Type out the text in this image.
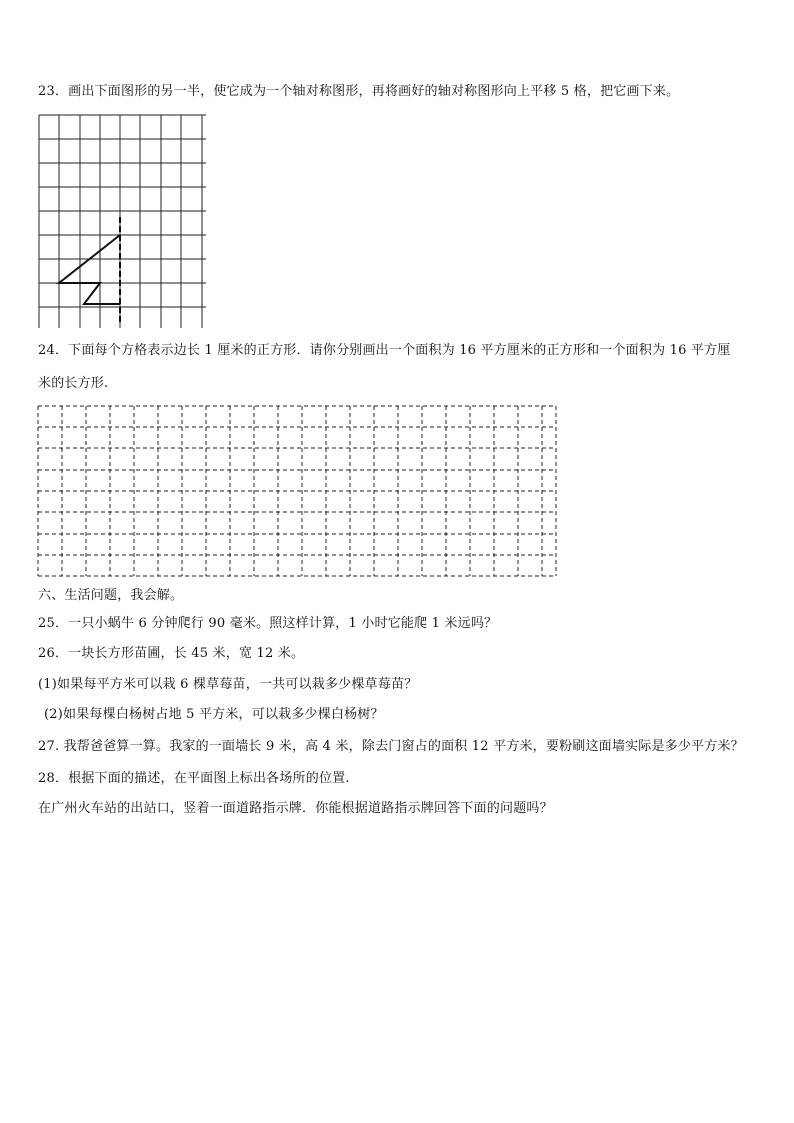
23．画出下面图形的另一半，使它成为一个轴对称图形，再将画好的轴对称图形向上平移 5 格，把它画下来。
24．下面每个方格表示边长 1 厘米的正方形．请你分别画出一个面积为 16 平方厘米的正方形和一个面积为 16 平方厘
米的长方形.
六、生活问题，我会解。
25．一只小蜗牛 6 分钟爬行 90 毫米。照这样计算，1 小时它能爬 1 米远吗？
26．一块长方形苗圃，长 45 米，宽 12 米。
(1)如果每平方米可以栽 6 棵草莓苗，一共可以栽多少棵草莓苗？
(2)如果每棵白杨树占地 5 平方米，可以栽多少棵白杨树？
27. 我帮爸爸算一算。我家的一面墙长 9 米，高 4 米，除去门窗占的面积 12 平方米，要粉刷这面墙实际是多少平方米？
28．根据下面的描述，在平面图上标出各场所的位置.
在广州火车站的出站口，竖着一面道路指示牌．你能根据道路指示牌回答下面的问题吗？
